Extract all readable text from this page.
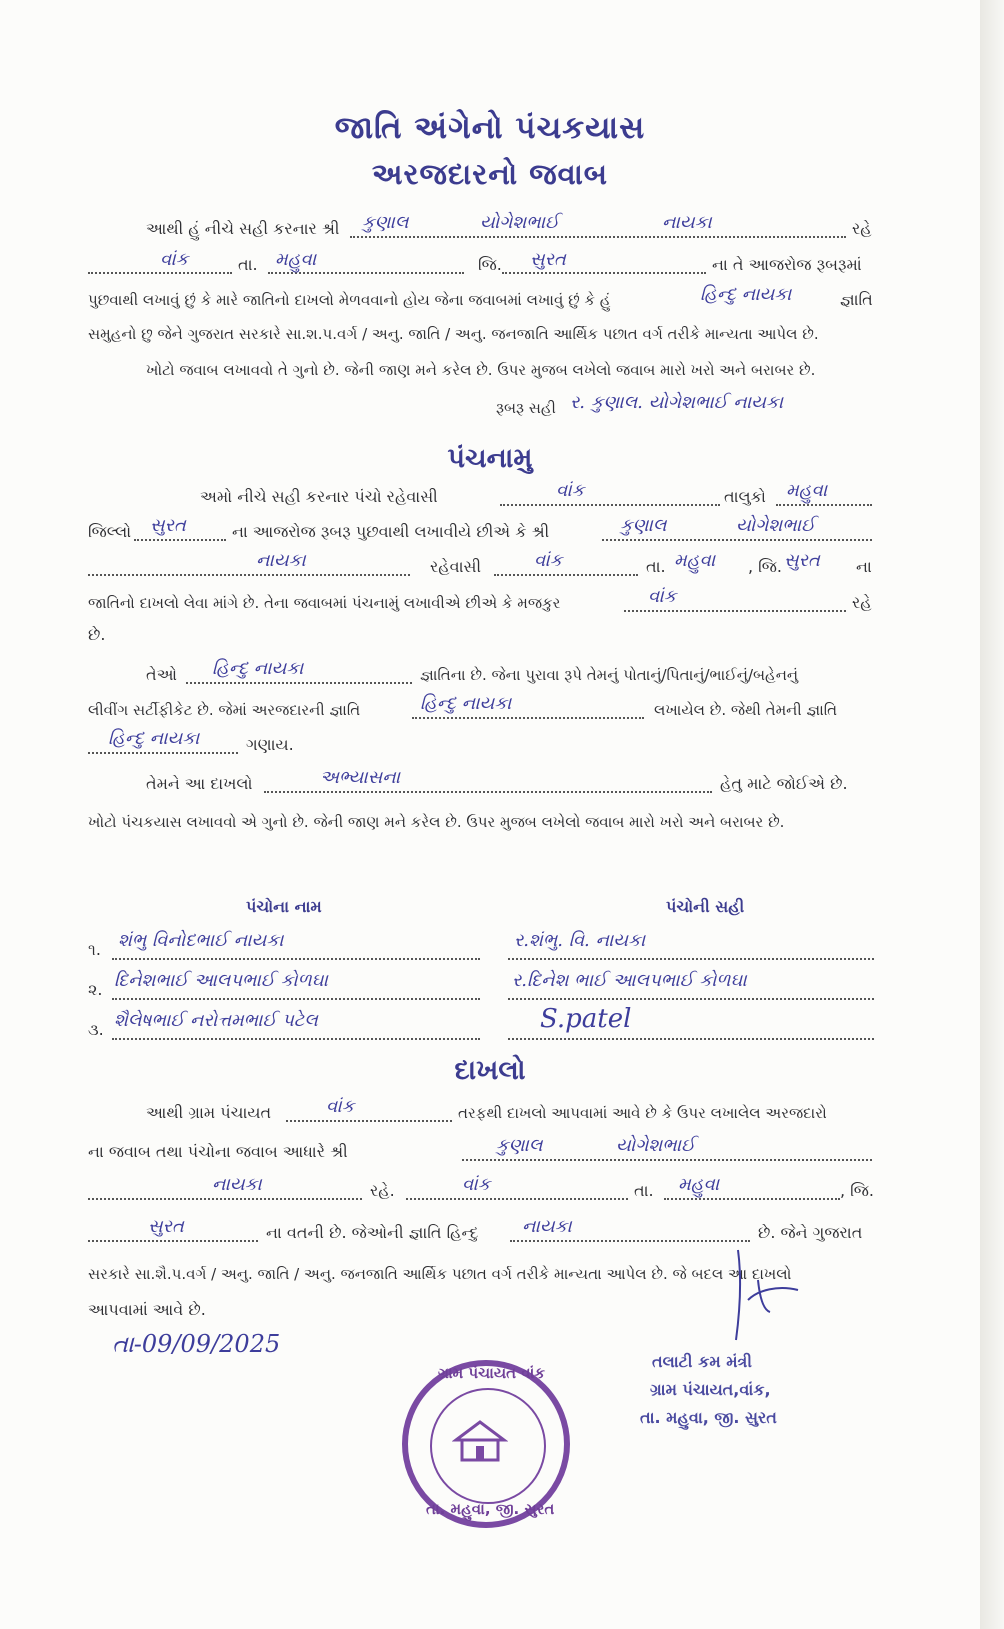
જાતિ અંગેનો પંચકયાસ
અરજદારનો જવાબ
આથી હું નીચે સહી કરનાર શ્રી કુણાલ	યોગેશભાઈ	નાયકા	રહે
વાંક	તા. મહુવા	જિ. સુરત	ના તે આજરોજ રૂબરૂમાં
પુછવાથી લખાવું છું કે મારે જાતિનો દાખલો મેળવવાનો હોય જેના જવાબમાં લખાવું છું કે હું	હિન્દુ નાયકા	જ્ઞાતિ
સમુહનો છુ જેને ગુજરાત સરકારે સા.શ.પ.વર્ગ / અનુ. જાતિ / અનુ. જનજાતિ આર્થિક પછાત વર્ગ તરીકે માન્યતા આપેલ છે.
ખોટો જવાબ લખાવવો તે ગુનો છે. જેની જાણ મને કરેલ છે. ઉપર મુજબ લખેલો જવાબ મારો ખરો અને બરાબર છે.
રૂબરૂ સહી ર. કુણાલ. યોગેશભાઈ નાયકા
પંચનામુ
અમો નીચે સહી કરનાર પંચો રહેવાસી	વાંક	તાલુકો મહુવા
જિલ્લો સુરત	ના આજરોજ રૂબરૂ પુછવાથી લખાવીયે છીએ કે શ્રી	કુણાલ	યોગેશભાઈ
નાયકા	રહેવાસી	વાંક	તા. મહુવા , જિ. સુરત ના
જાતિનો દાખલો લેવા માંગે છે. તેના જવાબમાં પંચનામું લખાવીએ છીએ કે મજકુર	વાંક	રહે
છે.
તેઓ હિન્દુ નાયકા	જ્ઞાતિના છે. જેના પુરાવા રૂપે તેમનું પોતાનું/પિતાનું/ભાઈનું/બહેનનું
લીવીંગ સર્ટીફીકેટ છે. જેમાં અરજદારની જ્ઞાતિ	હિન્દુ નાયકા	લખાયેલ છે. જેથી તેમની જ્ઞાતિ
હિન્દુ નાયકા	ગણાય.
તેમને આ દાખલો	અભ્યાસના	હેતુ માટે જોઈએ છે.
ખોટો પંચકયાસ લખાવવો એ ગુનો છે. જેની જાણ મને કરેલ છે. ઉપર મુજબ લખેલો જવાબ મારો ખરો અને બરાબર છે.
પંચોના નામ	પંચોની સહી
૧. શંભુ વિનોદભાઈ નાયકા	ર.શંભુ. વિ. નાયકા
૨. દિનેશભાઈ આલપભાઈ કોળઘા	ર.દિનેશ ભાઈ આલપભાઈ કોળઘા
૩. શૈલેષભાઈ નરોત્તમભાઈ પટેલ	S.patel
દાખલો
આથી ગ્રામ પંચાયત	વાંક	તરફથી દાખલો આપવામાં આવે છે કે ઉપર લખાલેલ અરજદારો
ના જવાબ તથા પંચોના જવાબ આધારે શ્રી	કુણાલ	યોગેશભાઈ
નાયકા	રહે.	વાંક	તા. મહુવા	, જિ.
સુરત	ના વતની છે. જેઓની જ્ઞાતિ હિન્દુ નાયકા	છે. જેને ગુજરાત
સરકારે સા.શૈ.પ.વર્ગ / અનુ. જાતિ / અનુ. જનજાતિ આર્થિક પછાત વર્ગ તરીકે માન્યતા આપેલ છે. જે બદલ આ દાખલો
આપવામાં આવે છે.
તા-09/09/2025
ગ્રામ પંચાયત વાંક
તા. મહુવા, જી. સુરત
તલાટી કમ મંત્રી
ગ્રામ પંચાયત,વાંક,
તા. મહુવા, જી. સુરત
